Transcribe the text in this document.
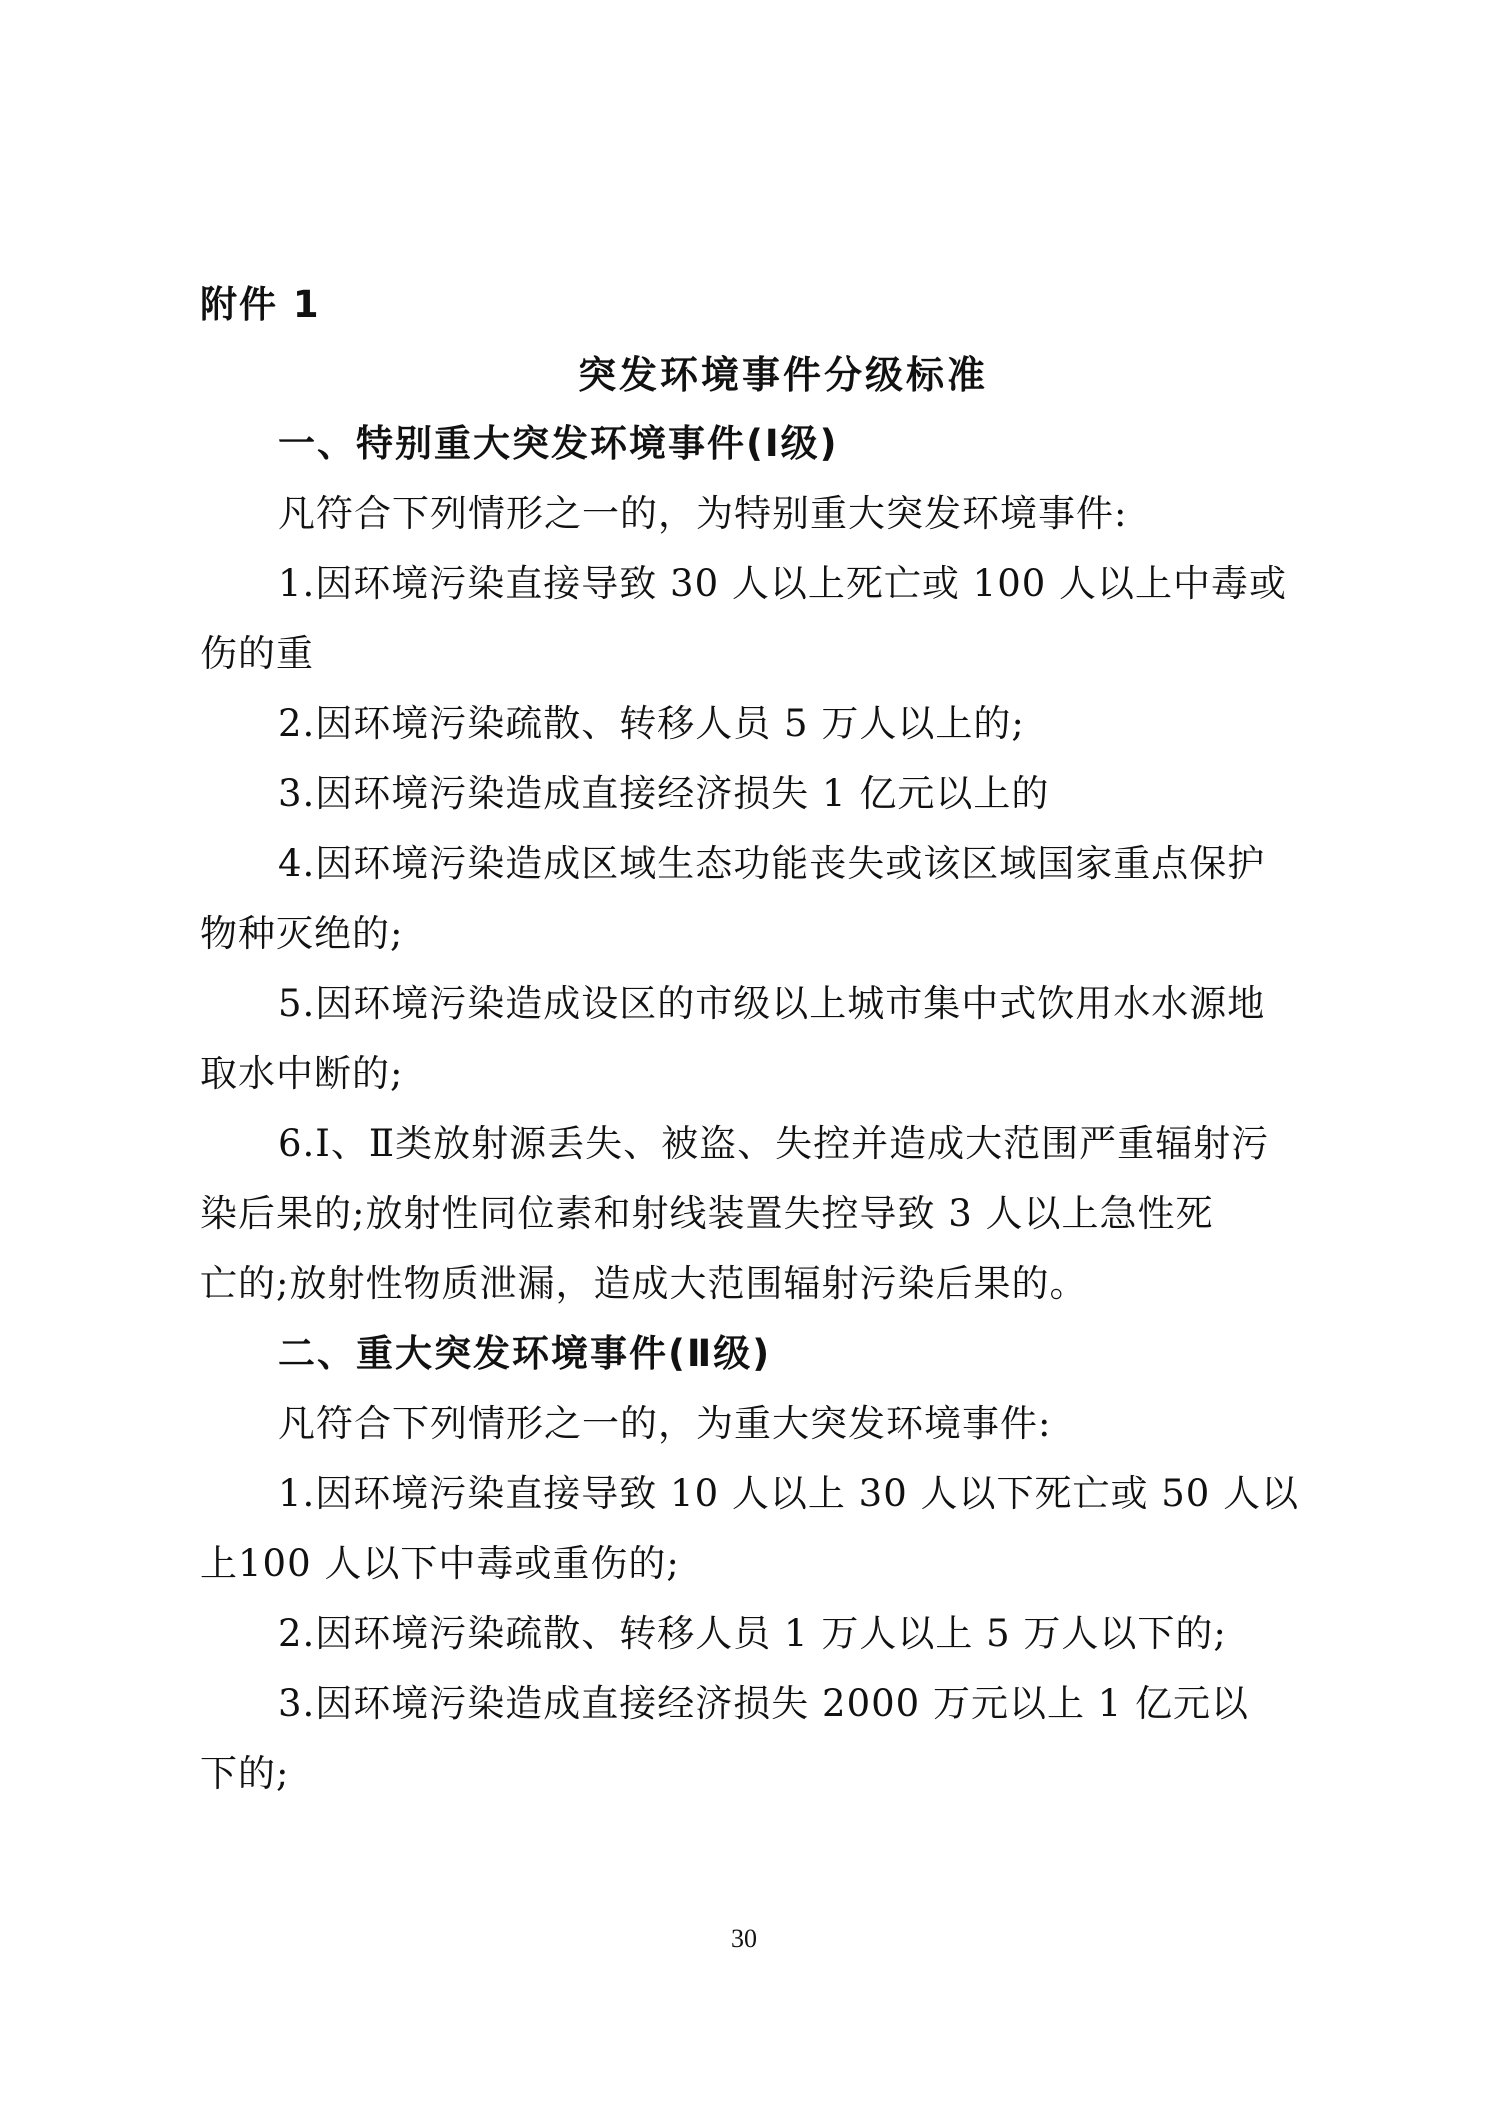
附件 1

突发环境事件分级标准

一、特别重大突发环境事件(Ⅰ级)

凡符合下列情形之一的，为特别重大突发环境事件:

1.因环境污染直接导致 30 人以上死亡或 100 人以上中毒或

伤的重

2.因环境污染疏散、转移人员 5 万人以上的;

3.因环境污染造成直接经济损失 1 亿元以上的

4.因环境污染造成区域生态功能丧失或该区域国家重点保护

物种灭绝的;

5.因环境污染造成设区的市级以上城市集中式饮用水水源地

取水中断的;

6.Ⅰ、Ⅱ类放射源丢失、被盗、失控并造成大范围严重辐射污

染后果的;放射性同位素和射线装置失控导致 3 人以上急性死

亡的;放射性物质泄漏，造成大范围辐射污染后果的。

二、重大突发环境事件(Ⅱ级)

凡符合下列情形之一的，为重大突发环境事件:

1.因环境污染直接导致 10 人以上 30 人以下死亡或 50 人以

上100 人以下中毒或重伤的;

2.因环境污染疏散、转移人员 1 万人以上 5 万人以下的;

3.因环境污染造成直接经济损失 2000 万元以上 1 亿元以

下的;

30
